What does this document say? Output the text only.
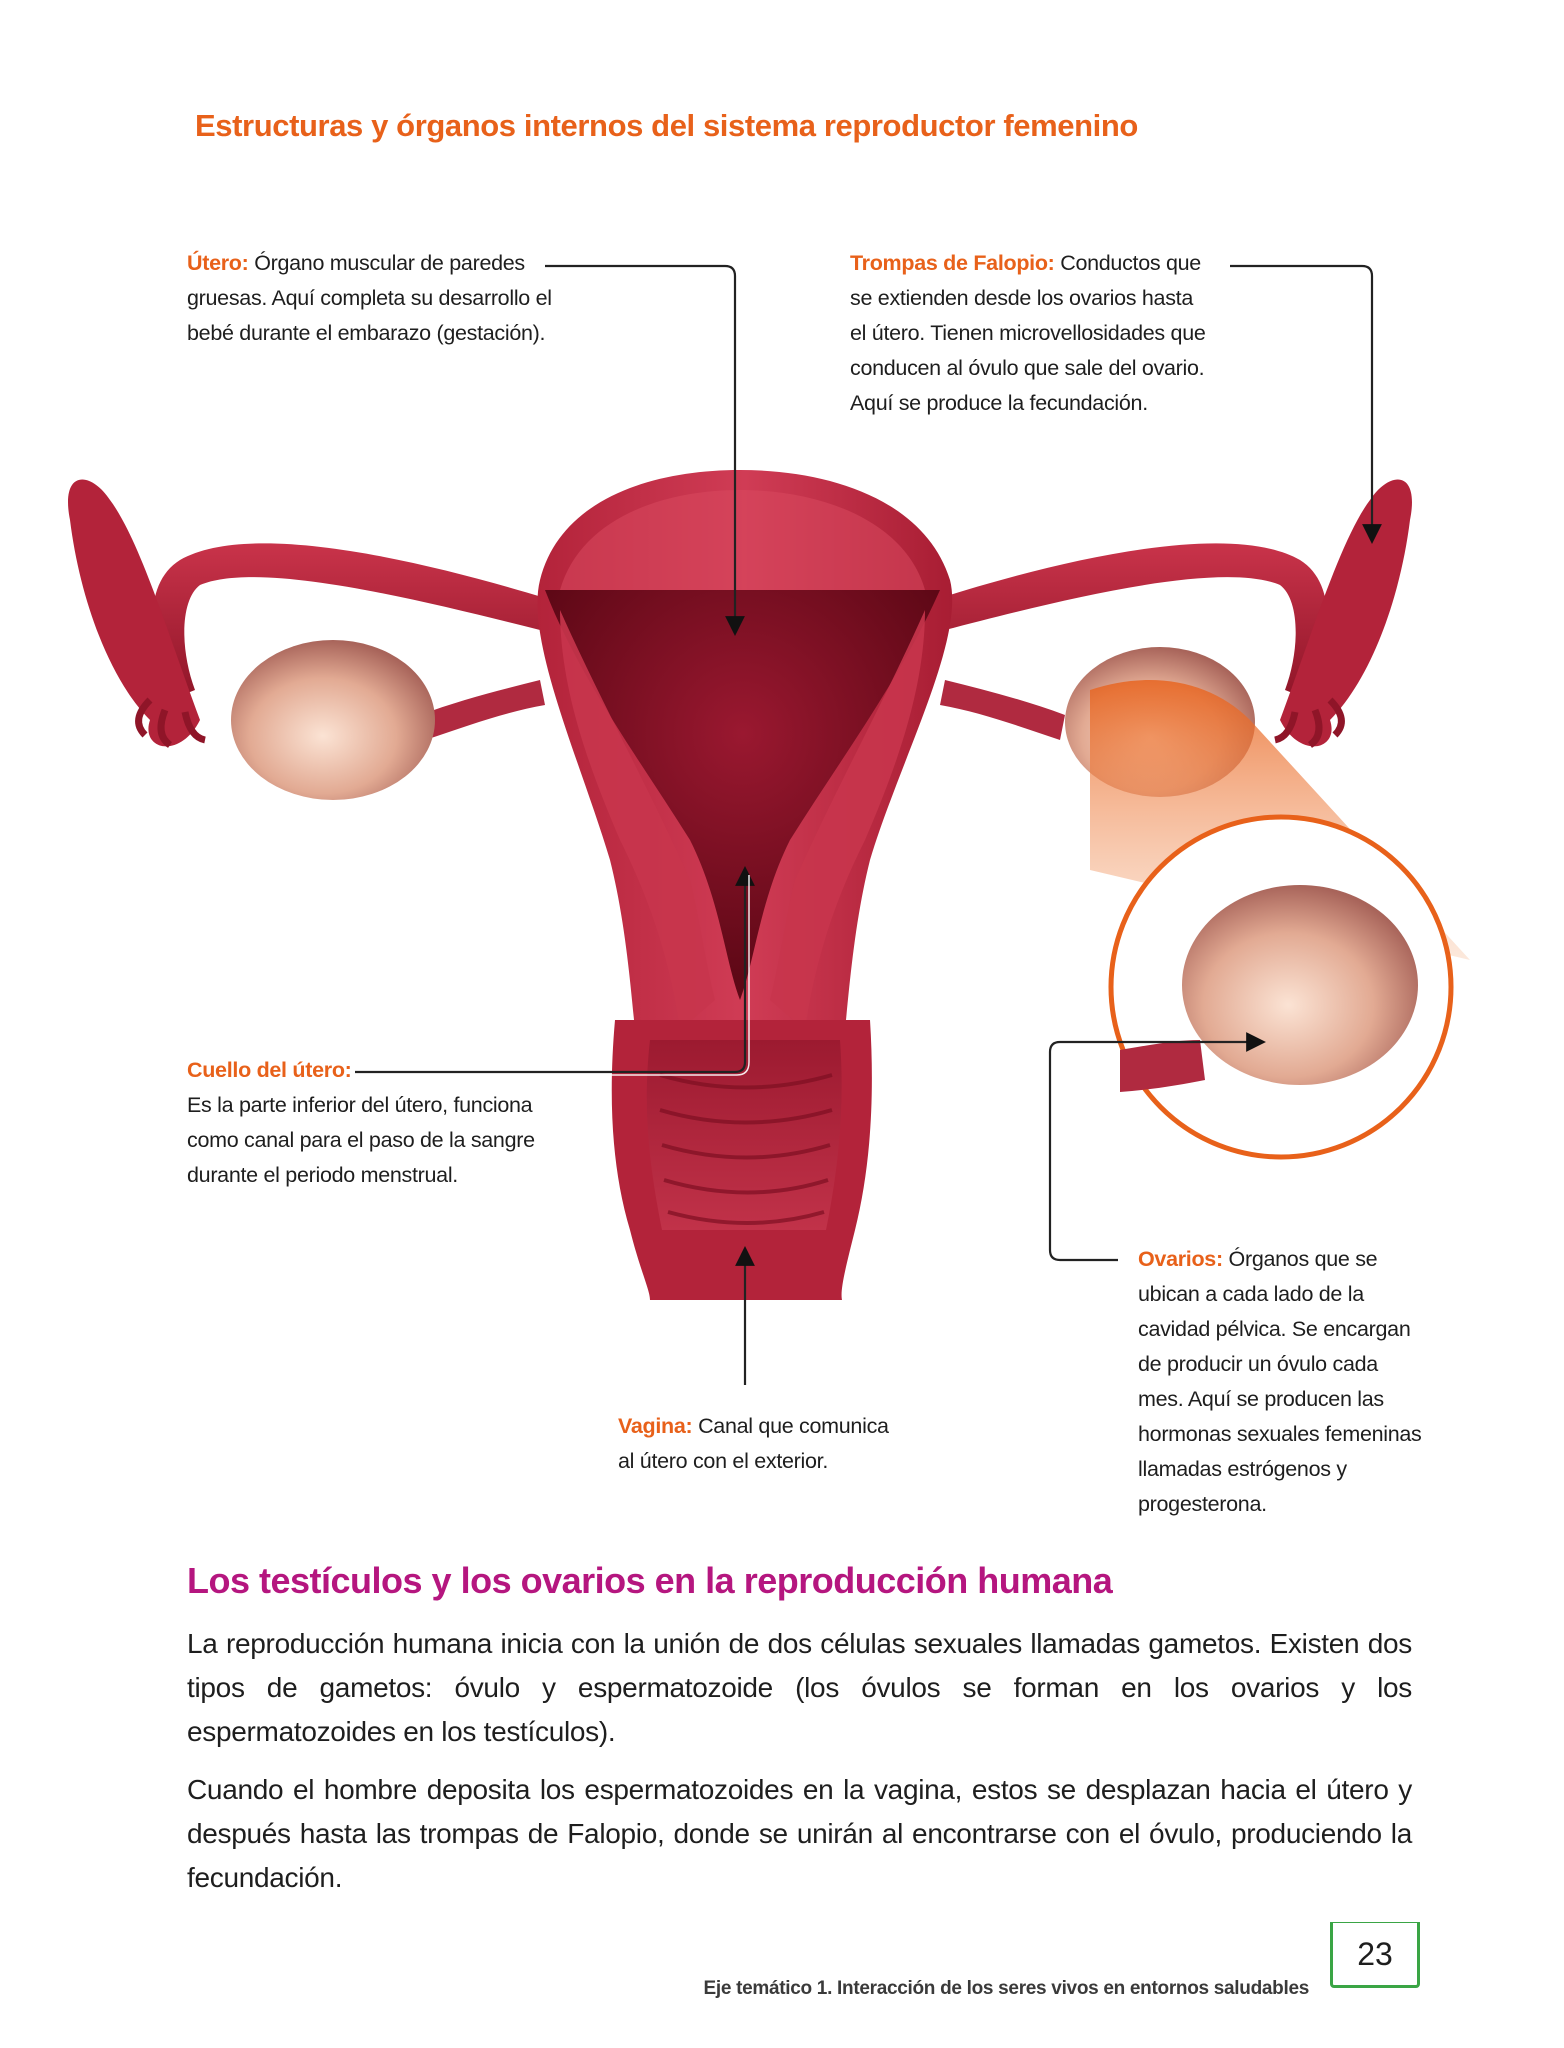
Estructuras y órganos internos del sistema reproductor femenino
Útero: Órgano muscular de paredes
gruesas. Aquí completa su desarrollo el
bebé durante el embarazo (gestación).
Trompas de Falopio: Conductos que
se extienden desde los ovarios hasta
el útero. Tienen microvellosidades que
conducen al óvulo que sale del ovario.
Aquí se produce la fecundación.
Cuello del útero:
Es la parte inferior del útero, funciona
como canal para el paso de la sangre
durante el periodo menstrual.
Vagina: Canal que comunica
al útero con el exterior.
Ovarios: Órganos que se
ubican a cada lado de la
cavidad pélvica. Se encargan
de producir un óvulo cada
mes. Aquí se producen las
hormonas sexuales femeninas
llamadas estrógenos y
progesterona.
Los testículos y los ovarios en la reproducción humana

La reproducción humana inicia con la unión de dos células sexuales llamadas gametos. Existen dos tipos de gametos: óvulo y espermatozoide (los óvulos se forman en los ovarios y los espermatozoides en los testículos).

Cuando el hombre deposita los espermatozoides en la vagina, estos se desplazan hacia el útero y después hasta las trompas de Falopio, donde se unirán al encontrarse con el óvulo, produciendo la fecundación.

Eje temático 1. Interacción de los seres vivos en entornos saludables
23
